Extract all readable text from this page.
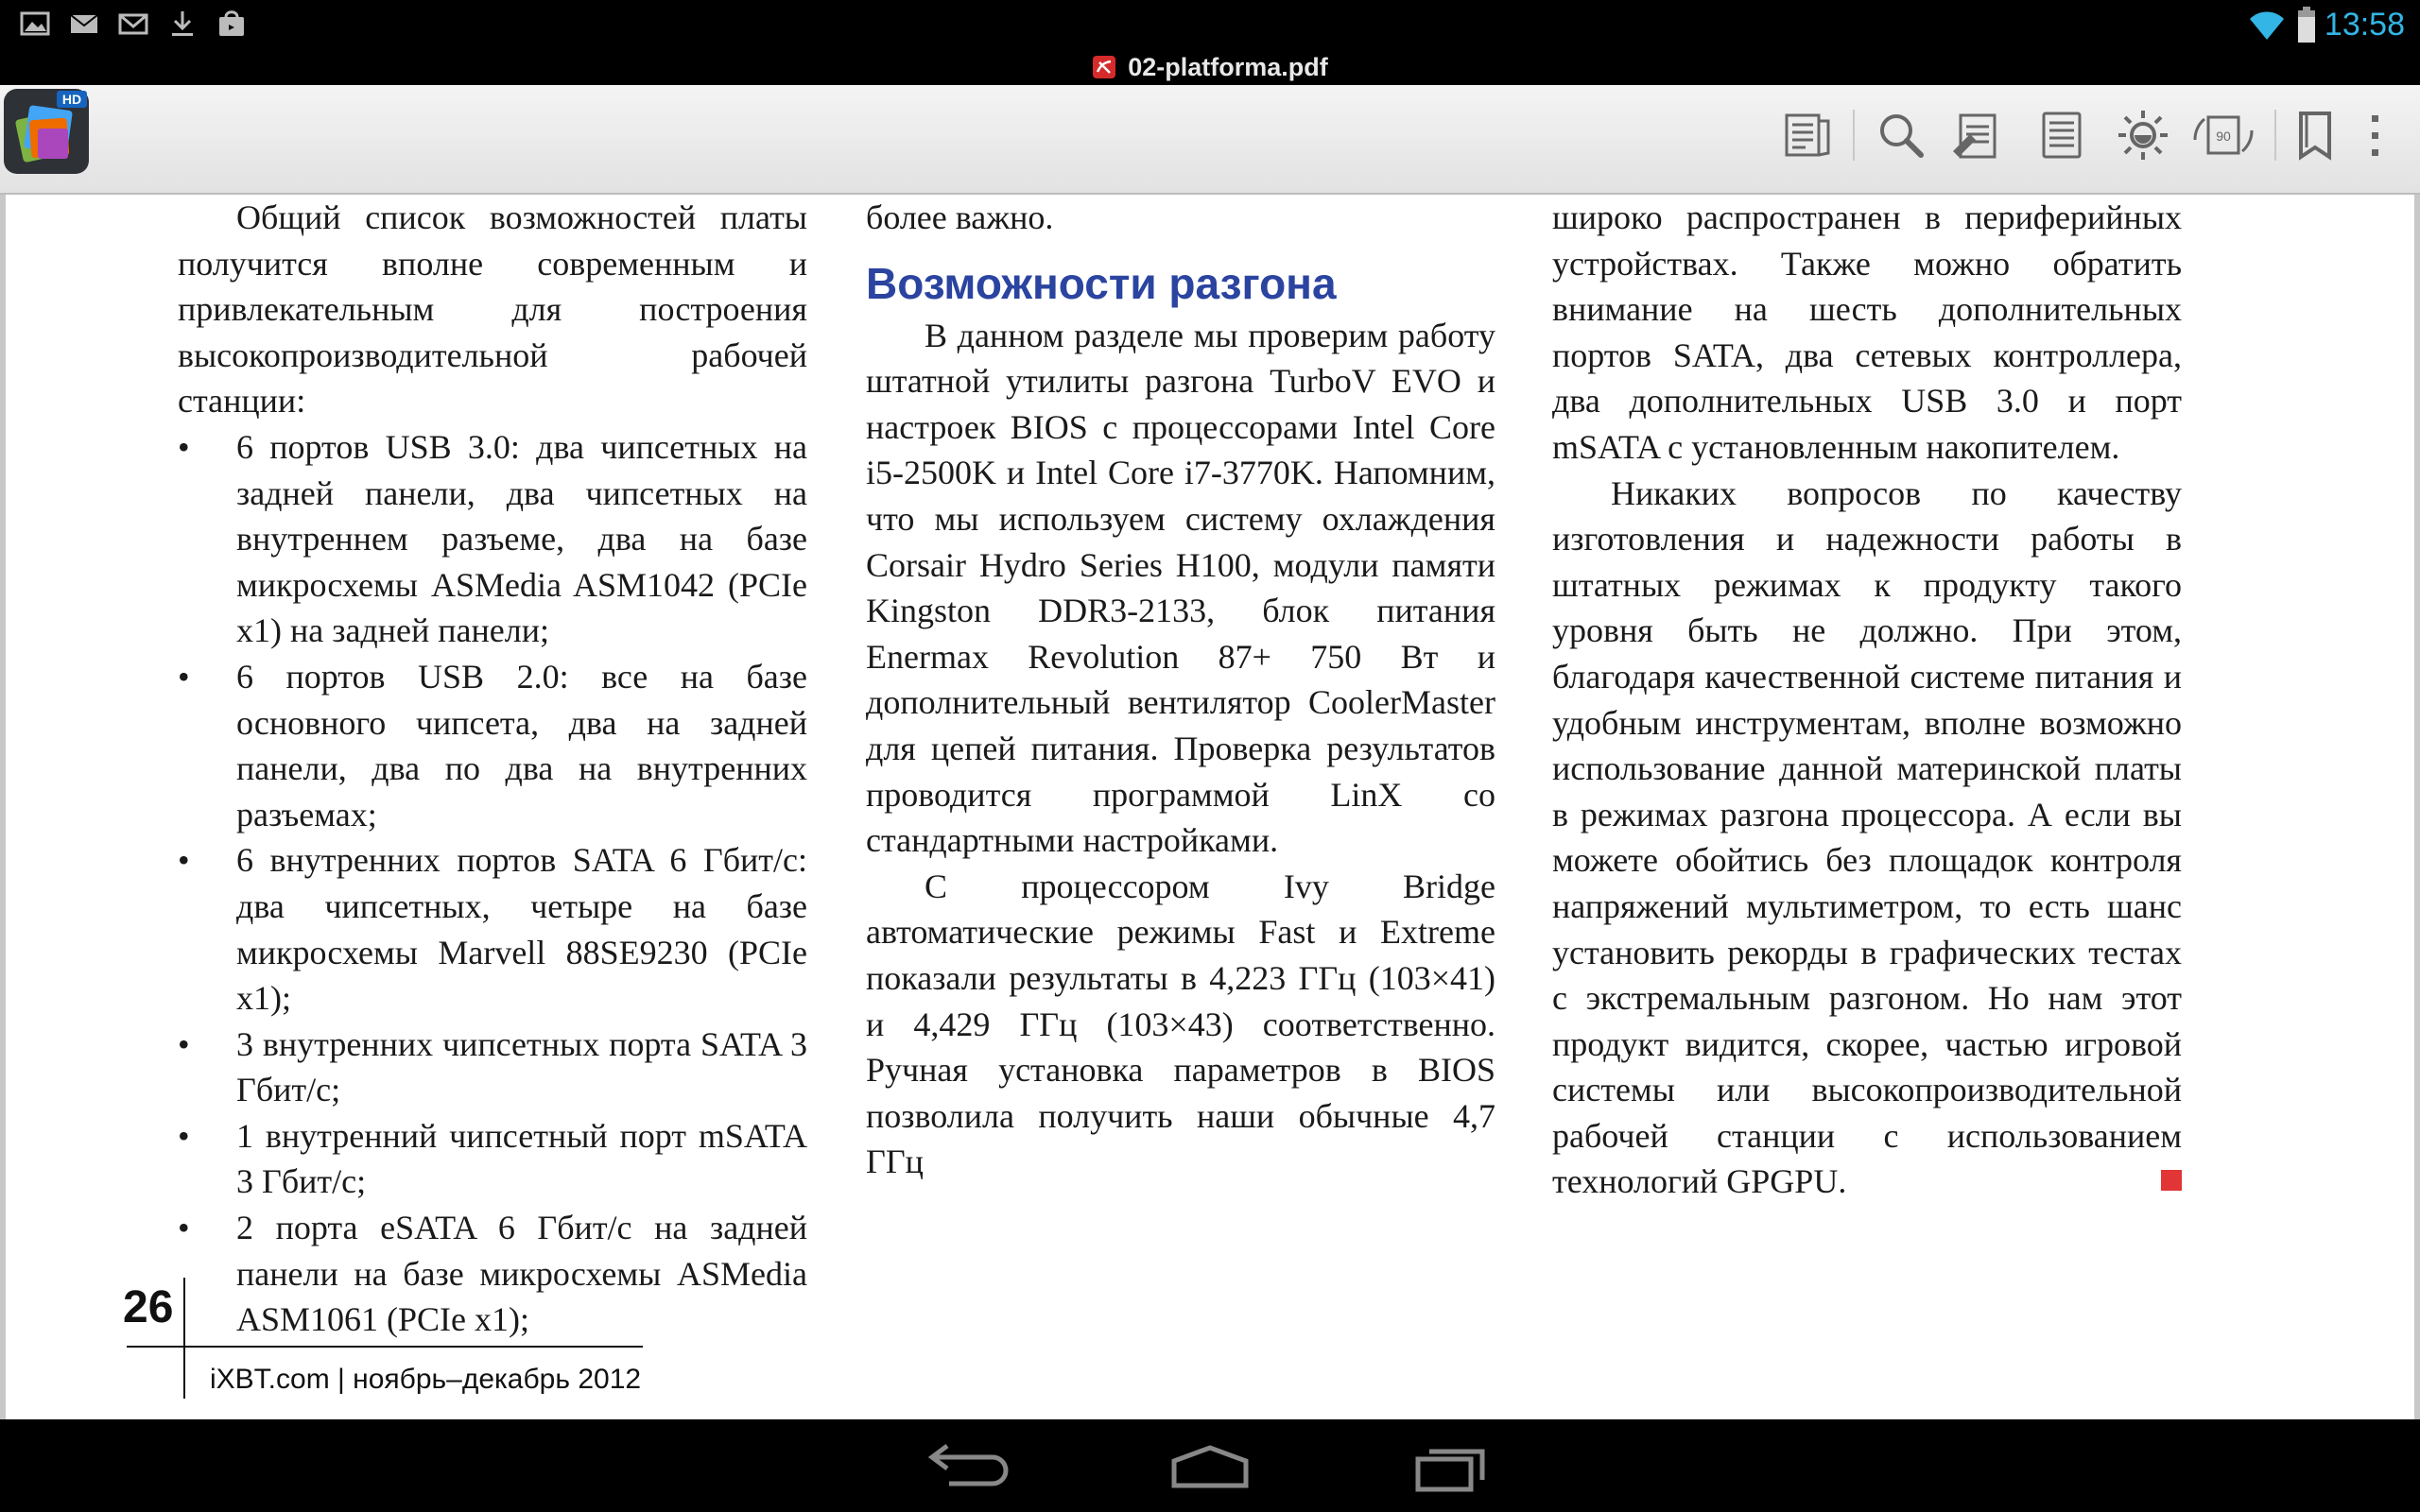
13:58
02-platforma.pdf
HD
90

Общий список возможностей платы получится вполне современным и привлекательным для построения высокопроизводительной рабочей станции:

• 6 портов USB 3.0: два чипсетных на задней панели, два чипсетных на внутреннем разъеме, два на базе микросхемы ASMedia ASM1042 (PCIe x1) на задней панели;
• 6 портов USB 2.0: все на базе основного чипсета, два на задней панели, два по два на внутренних разъемах;
• 6 внутренних портов SATA 6 Гбит/с: два чипсетных, четыре на базе микросхемы Marvell 88SE9230 (PCIe x1);
• 3 внутренних чипсетных порта SATA 3 Гбит/с;
• 1 внутренний чипсетный порт mSATA 3 Гбит/с;
• 2 порта eSATA 6 Гбит/с на задней панели на базе микросхемы ASMedia ASM1061 (PCIe x1);

более важно.

Возможности разгона

В данном разделе мы проверим работу штатной утилиты разгона TurboV EVO и настроек BIOS с процессорами Intel Core i5-2500K и Intel Core i7-3770K. Напомним, что мы используем систему охлаждения Corsair Hydro Series H100, модули памяти Kingston DDR3-2133, блок питания Enermax Revolution 87+ 750 Вт и дополнительный вентилятор CoolerMaster для цепей питания. Проверка результатов проводится программой LinX со стандартными настройками.

С процессором Ivy Bridge автоматические режимы Fast и Extreme показали результаты в 4,223 ГГц (103×41) и 4,429 ГГц (103×43) соответственно. Ручная установка параметров в BIOS позволила получить наши обычные 4,7 ГГц

широко распространен в периферийных устройствах. Также можно обратить внимание на шесть дополнительных портов SATA, два сетевых контроллера, два дополнительных USB 3.0 и порт mSATA с установленным накопителем.

Никаких вопросов по качеству изготовления и надежности работы в штатных режимах к продукту такого уровня быть не должно. При этом, благодаря качественной системе питания и удобным инструментам, вполне возможно использование данной материнской платы в режимах разгона процессора. А если вы можете обойтись без площадок контроля напряжений мультиметром, то есть шанс установить рекорды в графических тестах с экстремальным разгоном. Но нам этот продукт видится, скорее, частью игровой системы или высокопроизводительной рабочей станции с использованием технологий GPGPU.

26
iXBT.com | ноябрь–декабрь 2012
